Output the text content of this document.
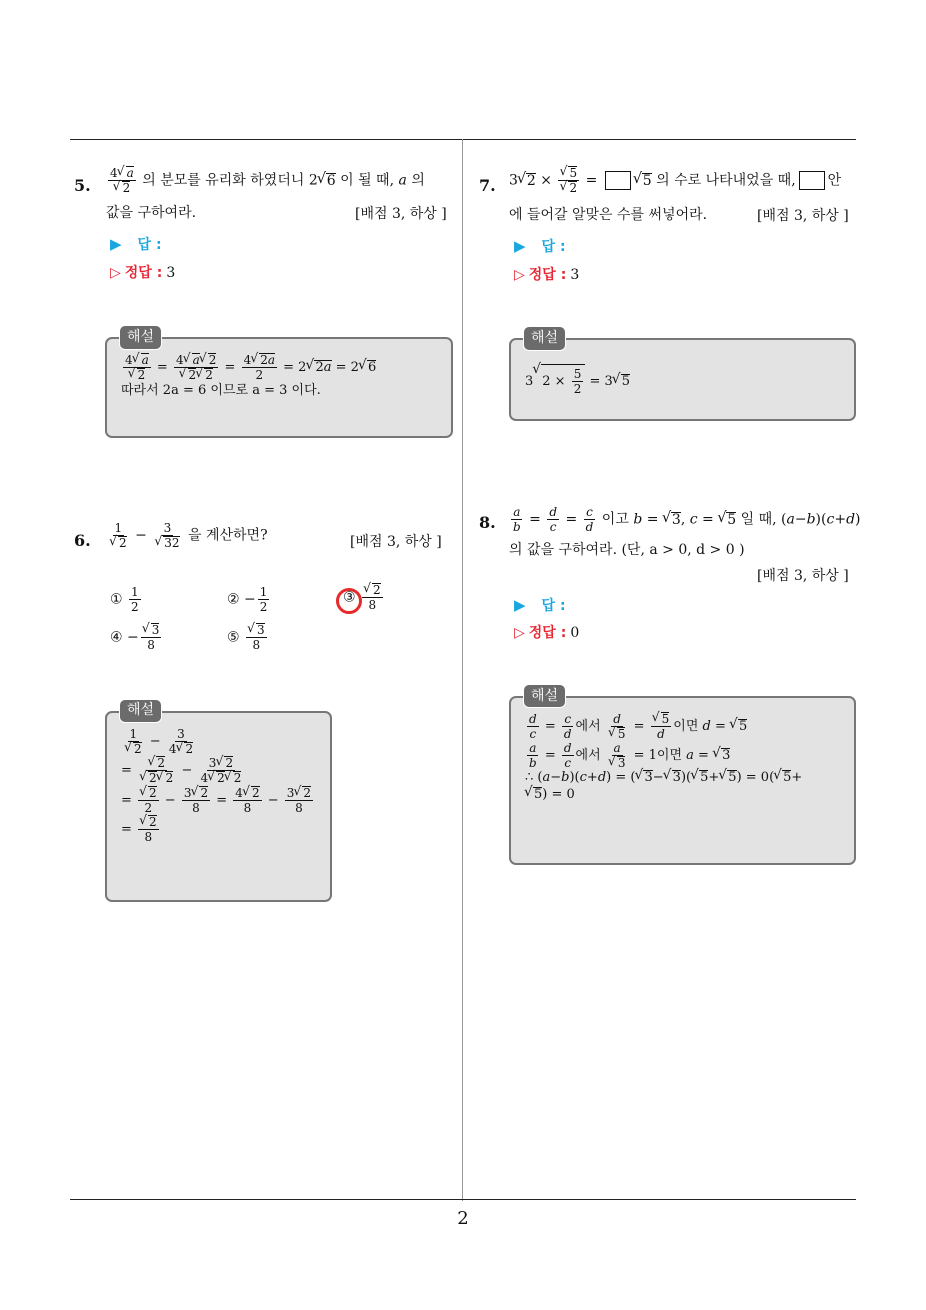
2
5. 4 √ a
√ 2 의 분모를 유리화 하였더니 2 √ 6 이 될 때, a 의
값을 구하여라.	[배점 3, 하상 ]
▶ 답 :
▷ 정답 : 3
해설
4 √ a
√ 2 = 4 √ a √ 2
√ 2 √ $2 = \frac{4 √ 2a}{2} = 2$ √ 2a = 2 √ 6
따라서 2a = 6 이므로 a = 3 이다.
6. 1
√ 2 − 3
√ 32 을 계산하면?	[배점 3, 하상 ]
① $\frac{1}{2}$	② − $\frac{1}{2}$	③ √ $\frac{2}{8}$
④ − √ $\frac{3}{8}$	⑤ √ $\frac{3}{8}$
해설
1
√ $2 - \frac{3}{4 √ 2}$
= √ 2
√ 2 √ $2 - \frac{3 √ 2}{4 √ 2 √ 2}$
= √ $\frac{2}{2} - \frac{3 √ 2}{8} = \frac{4 √ 2}{8} - \frac{3 √ 2}{8}$
= √ $\frac{2}{8}$
7. 3 √ 2 × √ 5
√ 2 =	√ 5 의 수로 나타내었을 때, 안
에 들어갈 알맞은 수를 써넣어라.	[배점 3, 하상 ]
▶ 답 :
▷ 정답 : 3
해설
3 √ $2 \times \frac{5}{2} = 3$ √ 5
8. $\frac{a}{b} = \frac{d}{c} = \frac{c}{d}$ 이고 b = √ 3, c = √ 5 일 때, (a−b)(c+d)
의 값을 구하여라. (단, a > 0, d > 0 )
[배점 3, 하상 ]
▶ 답 :
▷ 정답 : 0
해설
$\frac{d}{c} = \frac{c}{d}$ 에서 d
√ 5 = √ $\frac{5}{d}$ 이면 d = √ 5
$\frac{a}{b} = \frac{d}{c}$ 에서 a
√ 3 = 1이면 a = √ 3
∴ (a−b)(c+d) = ( √ 3− √ 3)( √ 5+ √ 5) = 0( √ 5+
√ 5) = 0
